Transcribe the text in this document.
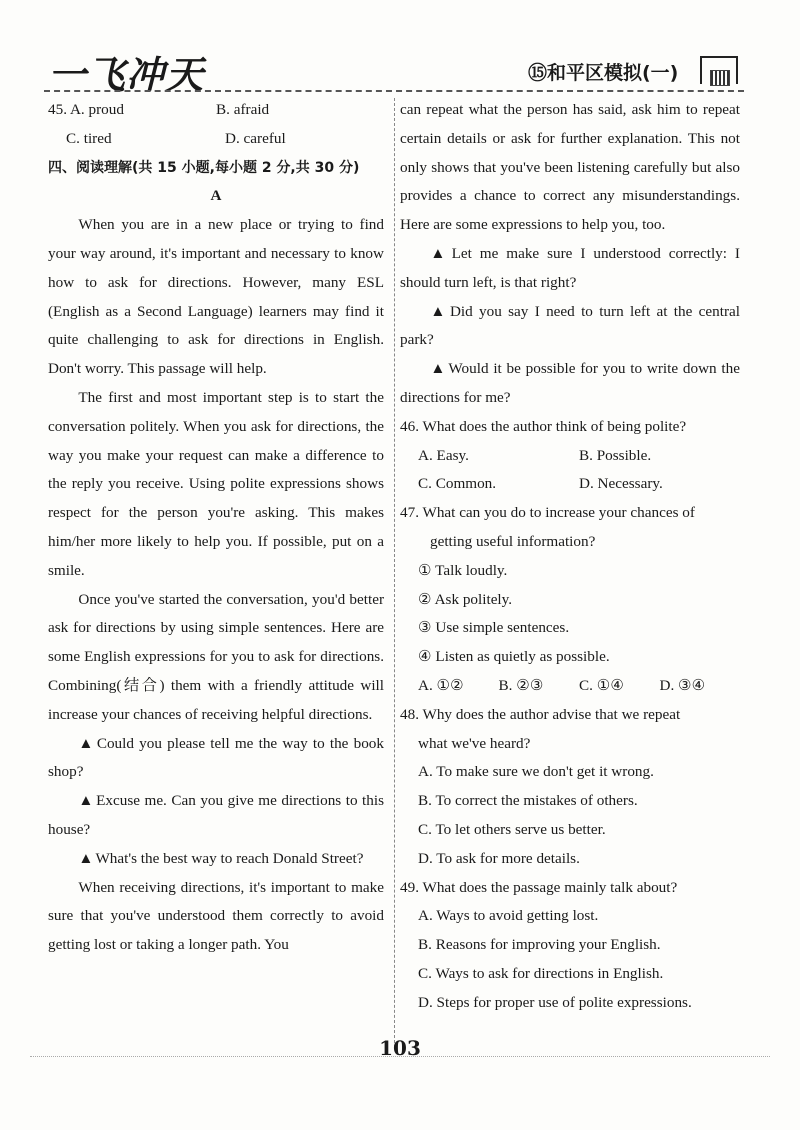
一飞冲天	⑮和平区模拟(一)
45. A. proud	B. afraid
C. tired	D. careful

四、阅读理解(共 15 小题,每小题 2 分,共 30 分)

A

When you are in a new place or trying to find your way around, it's important and necessary to know how to ask for directions. However, many ESL (English as a Second Language) learners may find it quite challenging to ask for directions in English. Don't worry. This passage will help.

The first and most important step is to start the conversation politely. When you ask for directions, the way you make your request can make a difference to the reply you receive. Using polite expressions shows respect for the person you're asking. This makes him/her more likely to help you. If possible, put on a smile.

Once you've started the conversation, you'd better ask for directions by using simple sentences. Here are some English expressions for you to ask for directions. Combining(结合) them with a friendly attitude will increase your chances of receiving helpful directions.

▲ Could you please tell me the way to the book shop?

▲ Excuse me. Can you give me directions to this house?

▲ What's the best way to reach Donald Street?

When receiving directions, it's important to make sure that you've understood them correctly to avoid getting lost or taking a longer path. You

can repeat what the person has said, ask him to repeat certain details or ask for further explanation. This not only shows that you've been listening carefully but also provides a chance to correct any misunderstandings. Here are some expressions to help you, too.

▲ Let me make sure I understood correctly: I should turn left, is that right?

▲ Did you say I need to turn left at the central park?

▲ Would it be possible for you to write down the directions for me?

46. What does the author think of being polite?

A. Easy.	B. Possible.
C. Common.	D. Necessary.

47. What can you do to increase your chances of

getting useful information?

① Talk loudly.

② Ask politely.

③ Use simple sentences.

④ Listen as quietly as possible.

A. ①②	B. ②③	C. ①④	D. ③④

48. Why does the author advise that we repeat

what we've heard?

A. To make sure we don't get it wrong.

B. To correct the mistakes of others.

C. To let others serve us better.

D. To ask for more details.

49. What does the passage mainly talk about?

A. Ways to avoid getting lost.

B. Reasons for improving your English.

C. Ways to ask for directions in English.

D. Steps for proper use of polite expressions.

103
